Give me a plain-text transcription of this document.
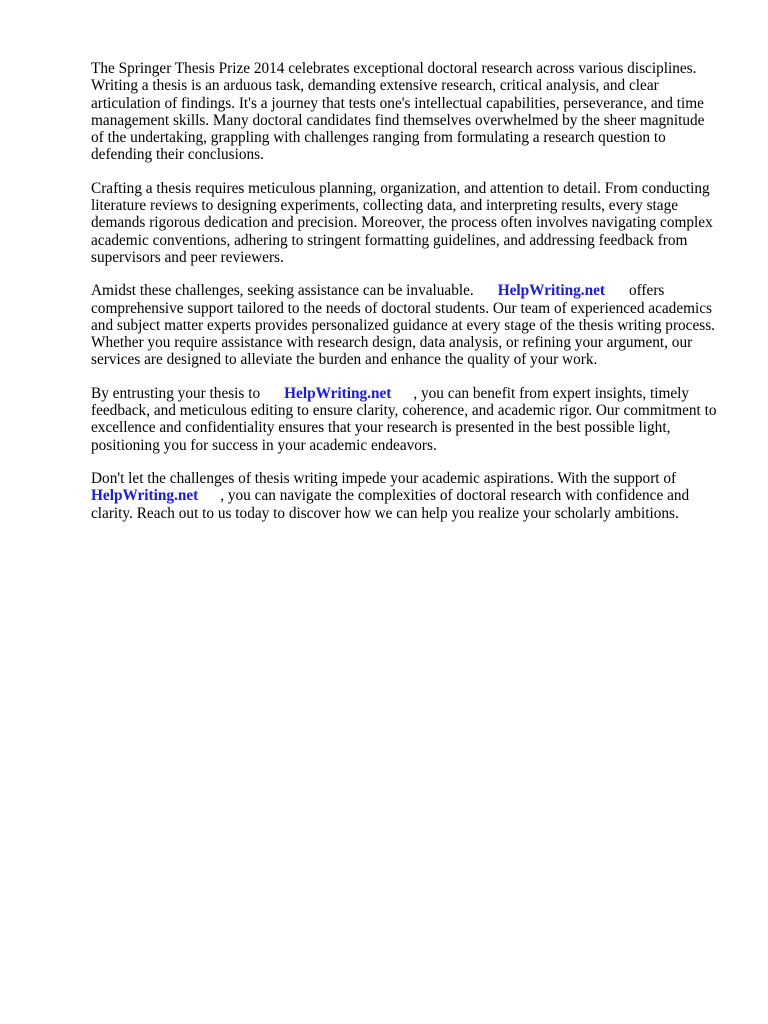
The Springer Thesis Prize 2014 celebrates exceptional doctoral research across various disciplines. Writing a thesis is an arduous task, demanding extensive research, critical analysis, and clear articulation of findings. It's a journey that tests one's intellectual capabilities, perseverance, and time management skills. Many doctoral candidates find themselves overwhelmed by the sheer magnitude of the undertaking, grappling with challenges ranging from formulating a research question to defending their conclusions.

Crafting a thesis requires meticulous planning, organization, and attention to detail. From conducting literature reviews to designing experiments, collecting data, and interpreting results, every stage demands rigorous dedication and precision. Moreover, the process often involves navigating complex academic conventions, adhering to stringent formatting guidelines, and addressing feedback from supervisors and peer reviewers.

Amidst these challenges, seeking assistance can be invaluable. HelpWriting.net offers comprehensive support tailored to the needs of doctoral students. Our team of experienced academics and subject matter experts provides personalized guidance at every stage of the thesis writing process. Whether you require assistance with research design, data analysis, or refining your argument, our services are designed to alleviate the burden and enhance the quality of your work.

By entrusting your thesis to HelpWriting.net , you can benefit from expert insights, timely feedback, and meticulous editing to ensure clarity, coherence, and academic rigor. Our commitment to excellence and confidentiality ensures that your research is presented in the best possible light, positioning you for success in your academic endeavors.

Don't let the challenges of thesis writing impede your academic aspirations. With the support of HelpWriting.net , you can navigate the complexities of doctoral research with confidence and clarity. Reach out to us today to discover how we can help you realize your scholarly ambitions.
